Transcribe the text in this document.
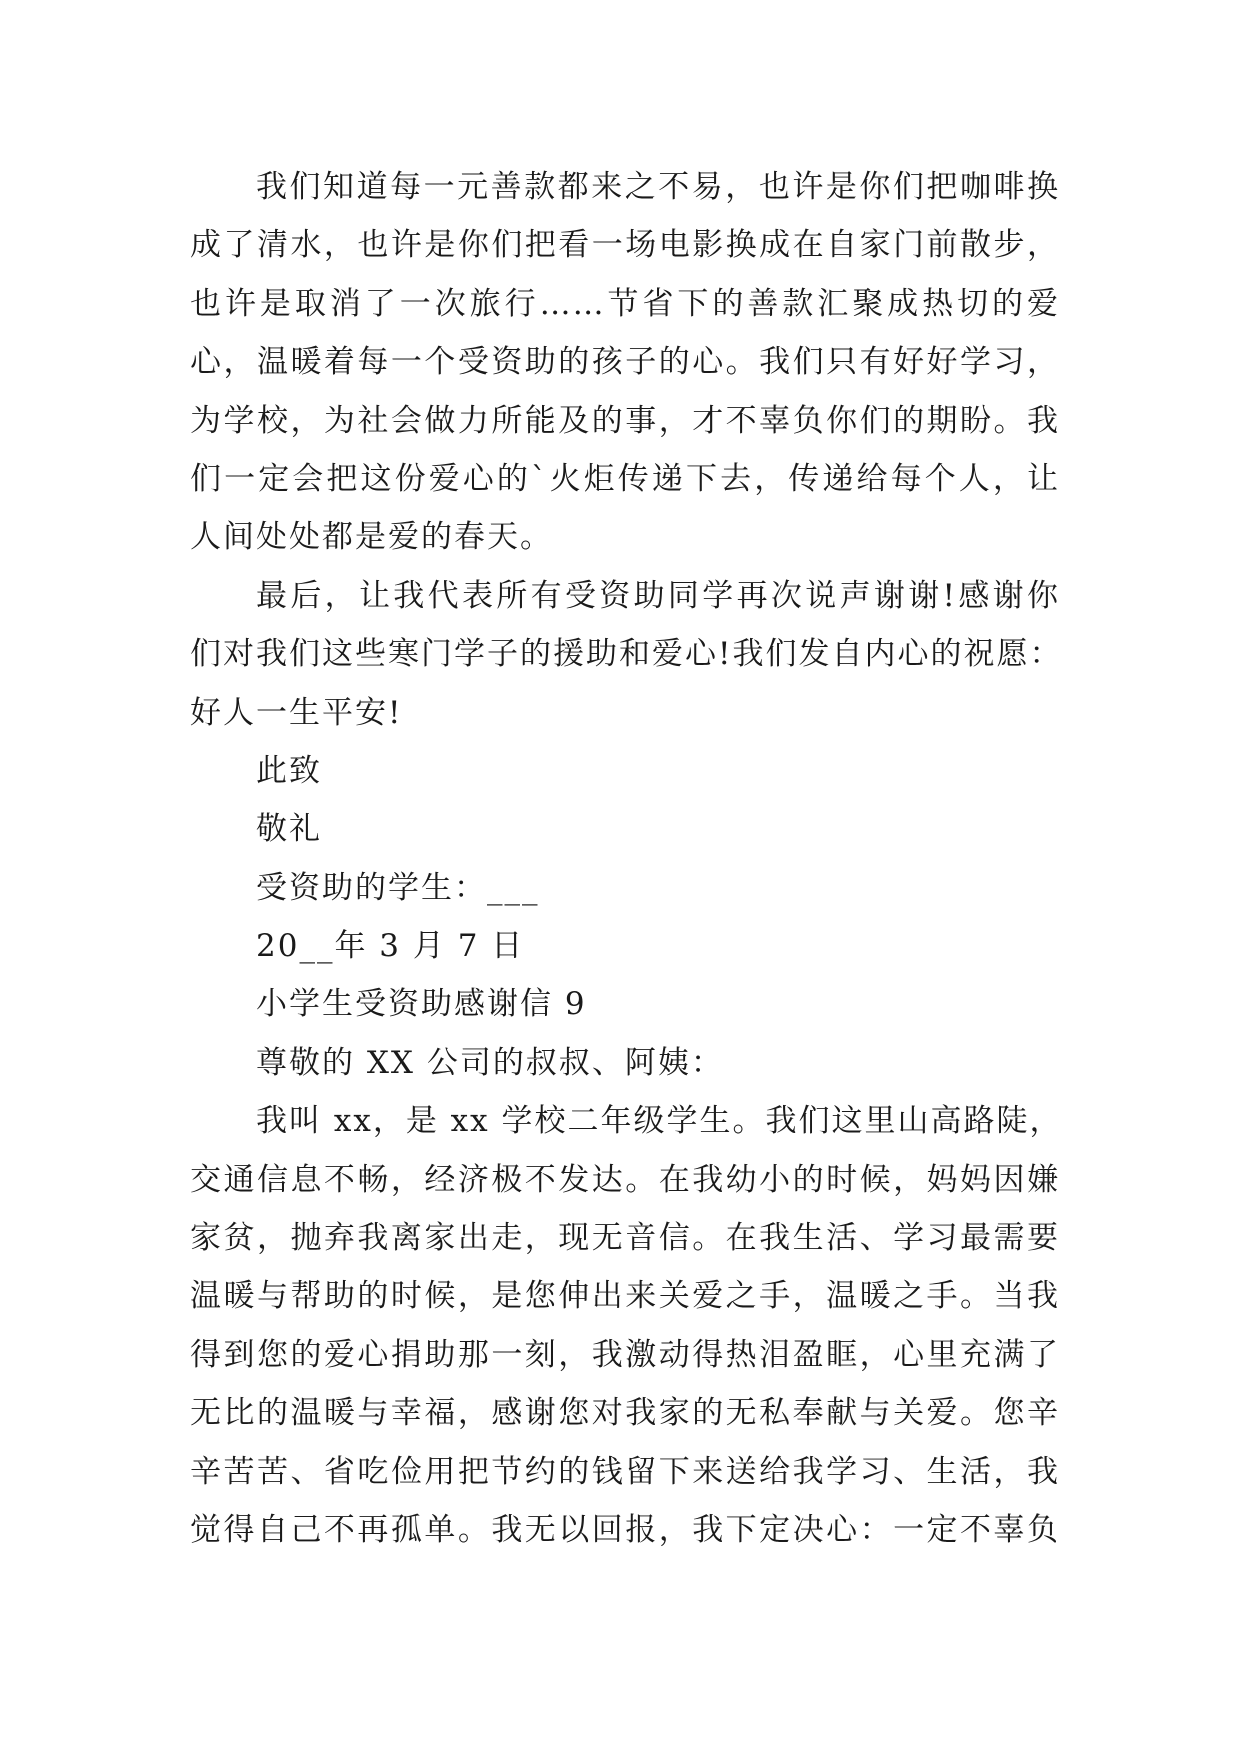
我们知道每一元善款都来之不易，也许是你们把咖啡换
成了清水，也许是你们把看一场电影换成在自家门前散步，
也许是取消了一次旅行……节省下的善款汇聚成热切的爱
心，温暖着每一个受资助的孩子的心。我们只有好好学习，
为学校，为社会做力所能及的事，才不辜负你们的期盼。我
们一定会把这份爱心的`火炬传递下去，传递给每个人，让
人间处处都是爱的春天。
最后，让我代表所有受资助同学再次说声谢谢!感谢你
们对我们这些寒门学子的援助和爱心!我们发自内心的祝愿：
好人一生平安!
此致
敬礼
受资助的学生：___
20__年 3 月 7 日
小学生受资助感谢信 9
尊敬的 XX 公司的叔叔、阿姨：
我叫 xx，是 xx 学校二年级学生。我们这里山高路陡，
交通信息不畅，经济极不发达。在我幼小的时候，妈妈因嫌
家贫，抛弃我离家出走，现无音信。在我生活、学习最需要
温暖与帮助的时候，是您伸出来关爱之手，温暖之手。当我
得到您的爱心捐助那一刻，我激动得热泪盈眶，心里充满了
无比的温暖与幸福，感谢您对我家的无私奉献与关爱。您辛
辛苦苦、省吃俭用把节约的钱留下来送给我学习、生活，我
觉得自己不再孤单。我无以回报，我下定决心：一定不辜负
